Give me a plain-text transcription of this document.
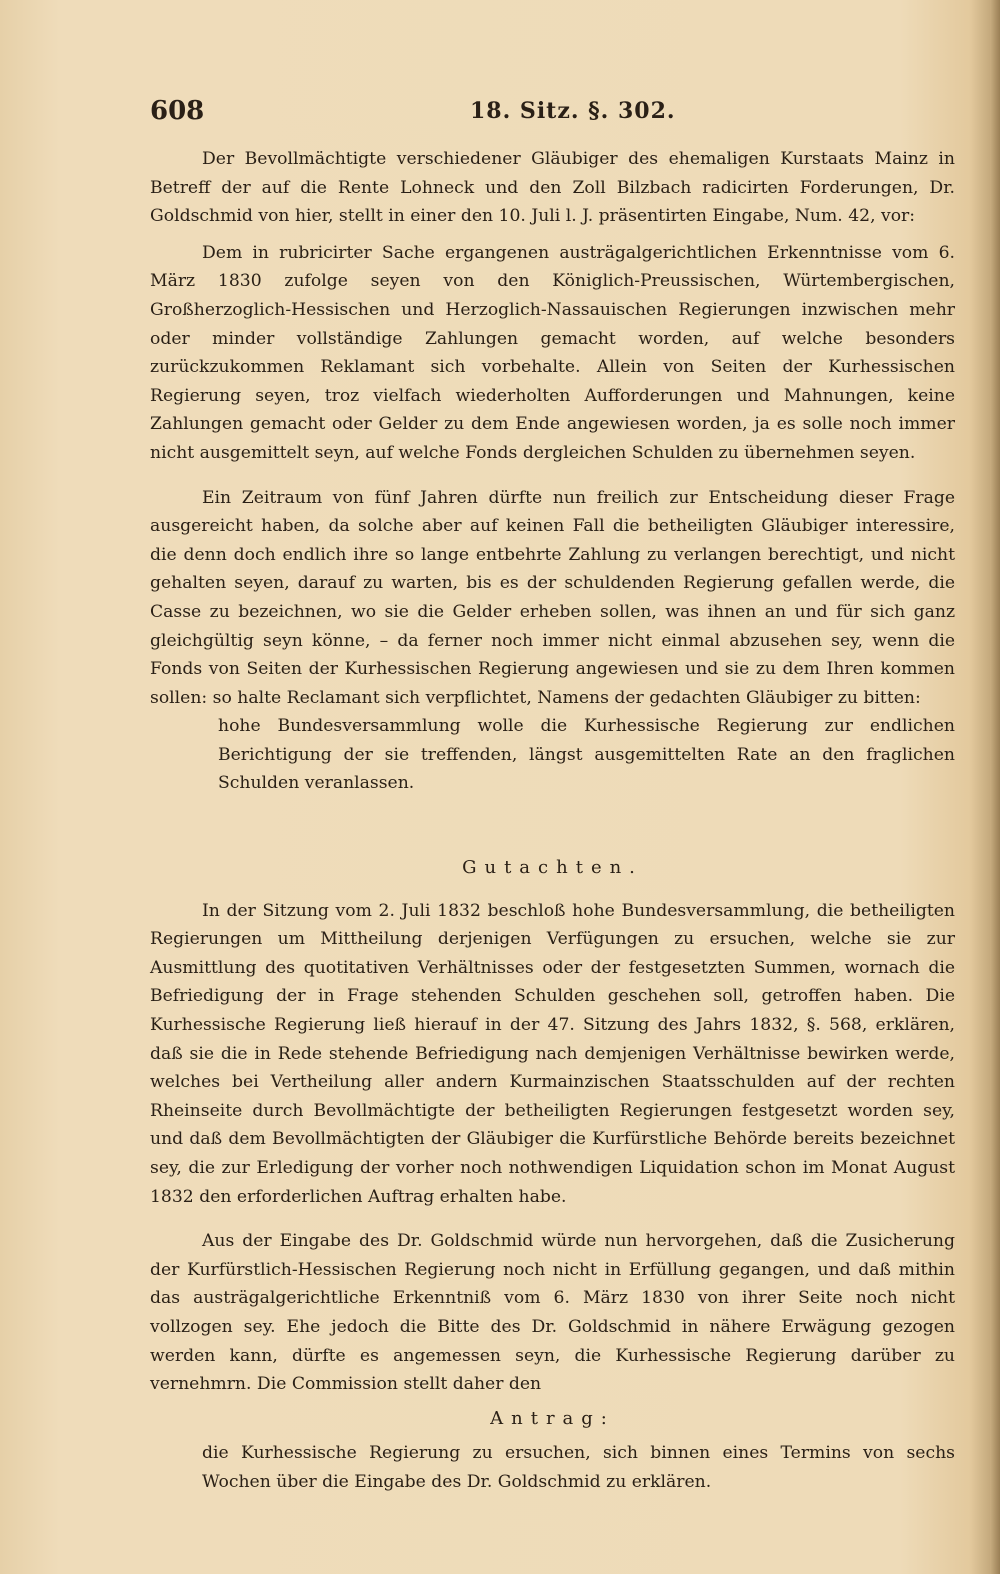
608	18. Sitz. §. 302.

Der Bevollmächtigte verschiedener Gläubiger des ehemaligen Kurstaats Mainz in Betreff der auf die Rente Lohneck und den Zoll Bilzbach radicirten Forderungen, Dr. Goldschmid von hier, stellt in einer den 10. Juli l. J. präsentirten Eingabe, Num. 42, vor:

Dem in rubricirter Sache ergangenen austrägalgerichtlichen Erkenntnisse vom 6. März 1830 zufolge seyen von den Königlich-Preussischen, Würtembergischen, Großherzoglich-Hessischen und Herzoglich-Nassauischen Regierungen inzwischen mehr oder minder vollständige Zahlungen gemacht worden, auf welche besonders zurückzukommen Reklamant sich vorbehalte. Allein von Seiten der Kurhessischen Regierung seyen, troz vielfach wiederholten Aufforderungen und Mahnungen, keine Zahlungen gemacht oder Gelder zu dem Ende angewiesen worden, ja es solle noch immer nicht ausgemittelt seyn, auf welche Fonds dergleichen Schulden zu übernehmen seyen.

Ein Zeitraum von fünf Jahren dürfte nun freilich zur Entscheidung dieser Frage ausgereicht haben, da solche aber auf keinen Fall die betheiligten Gläubiger interessire, die denn doch endlich ihre so lange entbehrte Zahlung zu verlangen berechtigt, und nicht gehalten seyen, darauf zu warten, bis es der schuldenden Regierung gefallen werde, die Casse zu bezeichnen, wo sie die Gelder erheben sollen, was ihnen an und für sich ganz gleichgültig seyn könne, – da ferner noch immer nicht einmal abzusehen sey, wenn die Fonds von Seiten der Kurhessischen Regierung angewiesen und sie zu dem Ihren kommen sollen: so halte Reclamant sich verpflichtet, Namens der gedachten Gläubiger zu bitten:

hohe Bundesversammlung wolle die Kurhessische Regierung zur endlichen Berichtigung der sie treffenden, längst ausgemittelten Rate an den fraglichen Schulden veranlassen.

Gutachten.

In der Sitzung vom 2. Juli 1832 beschloß hohe Bundesversammlung, die betheiligten Regierungen um Mittheilung derjenigen Verfügungen zu ersuchen, welche sie zur Ausmittlung des quotitativen Verhältnisses oder der festgesetzten Summen, wornach die Befriedigung der in Frage stehenden Schulden geschehen soll, getroffen haben. Die Kurhessische Regierung ließ hierauf in der 47. Sitzung des Jahrs 1832, §. 568, erklären, daß sie die in Rede stehende Befriedigung nach demjenigen Verhältnisse bewirken werde, welches bei Vertheilung aller andern Kurmainzischen Staatsschulden auf der rechten Rheinseite durch Bevollmächtigte der betheiligten Regierungen festgesetzt worden sey, und daß dem Bevollmächtigten der Gläubiger die Kurfürstliche Behörde bereits bezeichnet sey, die zur Erledigung der vorher noch nothwendigen Liquidation schon im Monat August 1832 den erforderlichen Auftrag erhalten habe.

Aus der Eingabe des Dr. Goldschmid würde nun hervorgehen, daß die Zusicherung der Kurfürstlich-Hessischen Regierung noch nicht in Erfüllung gegangen, und daß mithin das austrägalgerichtliche Erkenntniß vom 6. März 1830 von ihrer Seite noch nicht vollzogen sey. Ehe jedoch die Bitte des Dr. Goldschmid in nähere Erwägung gezogen werden kann, dürfte es angemessen seyn, die Kurhessische Regierung darüber zu vernehmrn. Die Commission stellt daher den

Antrag:

die Kurhessische Regierung zu ersuchen, sich binnen eines Termins von sechs Wochen über die Eingabe des Dr. Goldschmid zu erklären.
